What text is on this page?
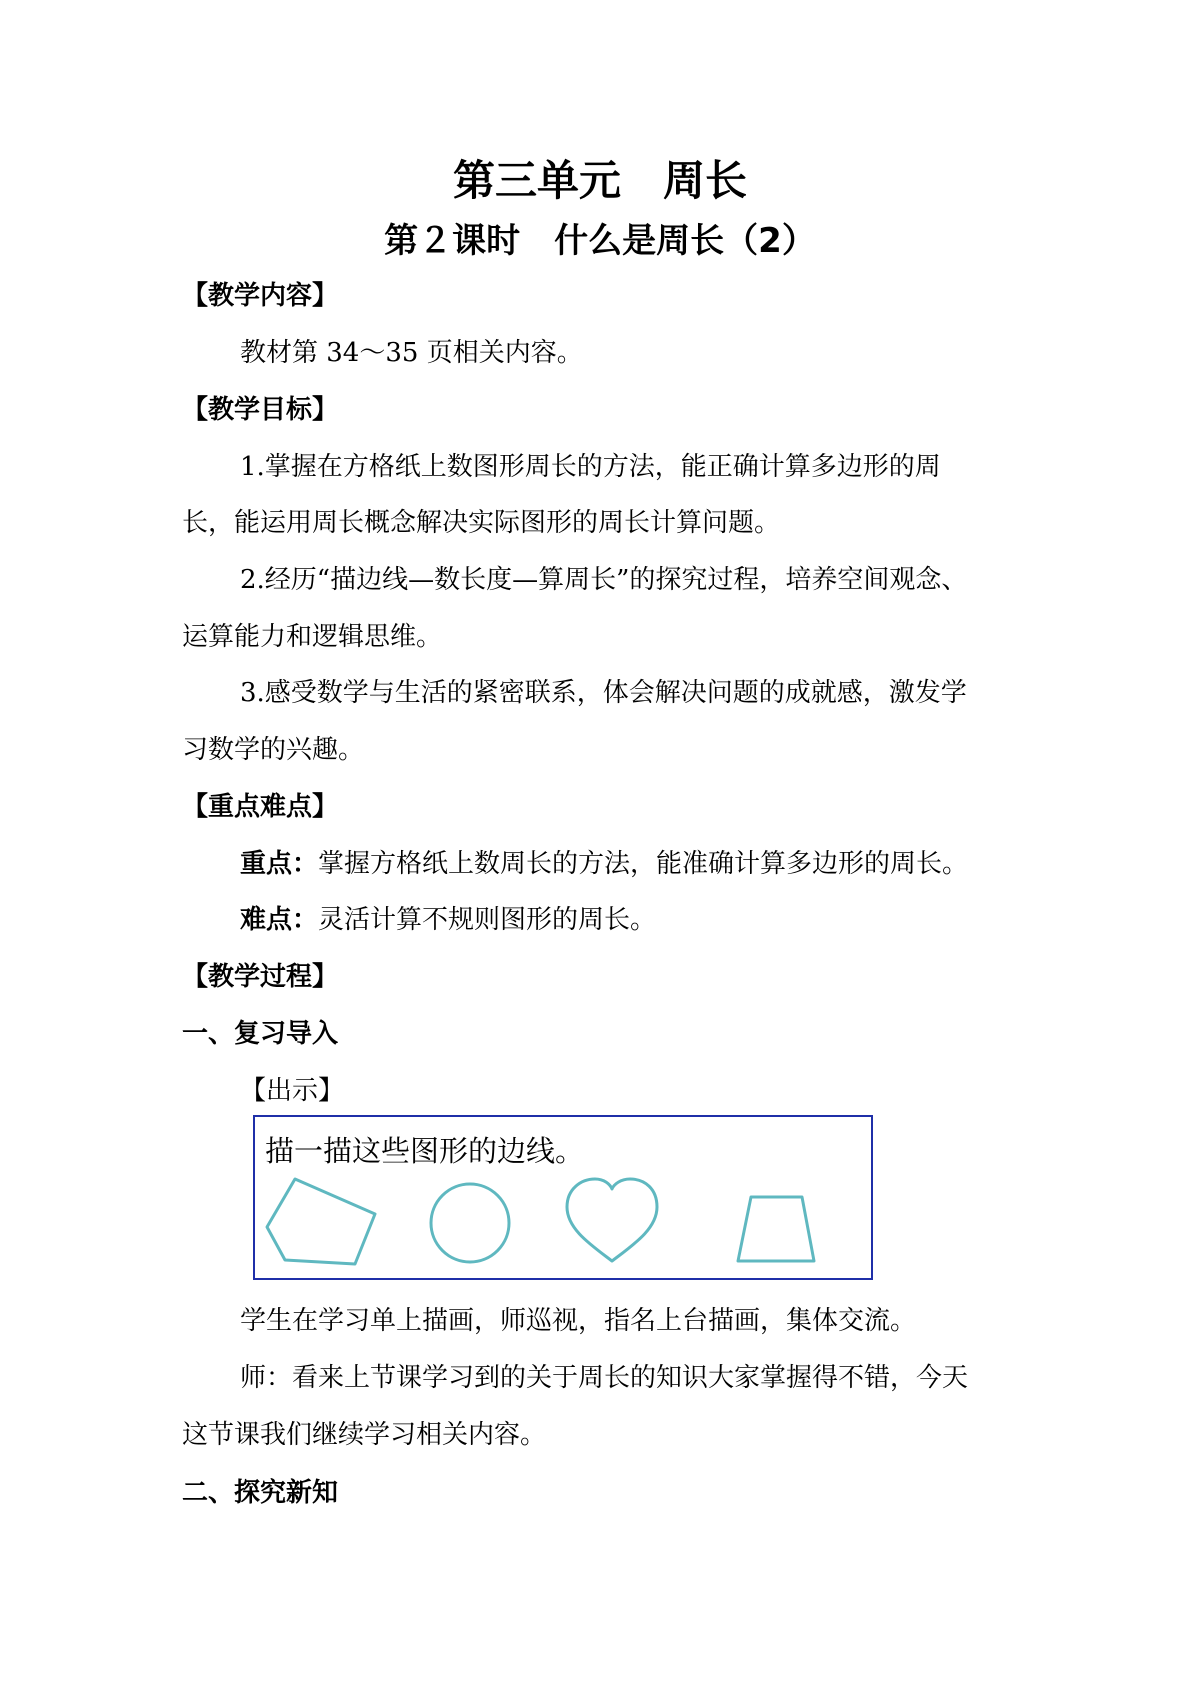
第三单元　周长
第２课时　什么是周长（2）
【教学内容】
教材第 34～35 页相关内容。
【教学目标】
1.掌握在方格纸上数图形周长的方法，能正确计算多边形的周
长，能运用周长概念解决实际图形的周长计算问题。
2.经历“描边线—数长度—算周长”的探究过程，培养空间观念、
运算能力和逻辑思维。
3.感受数学与生活的紧密联系，体会解决问题的成就感，激发学
习数学的兴趣。
【重点难点】
重点：掌握方格纸上数周长的方法，能准确计算多边形的周长。
难点：灵活计算不规则图形的周长。
【教学过程】
一、复习导入
【出示】
描一描这些图形的边线。
学生在学习单上描画，师巡视，指名上台描画，集体交流。
师：看来上节课学习到的关于周长的知识大家掌握得不错，今天
这节课我们继续学习相关内容。
二、探究新知
